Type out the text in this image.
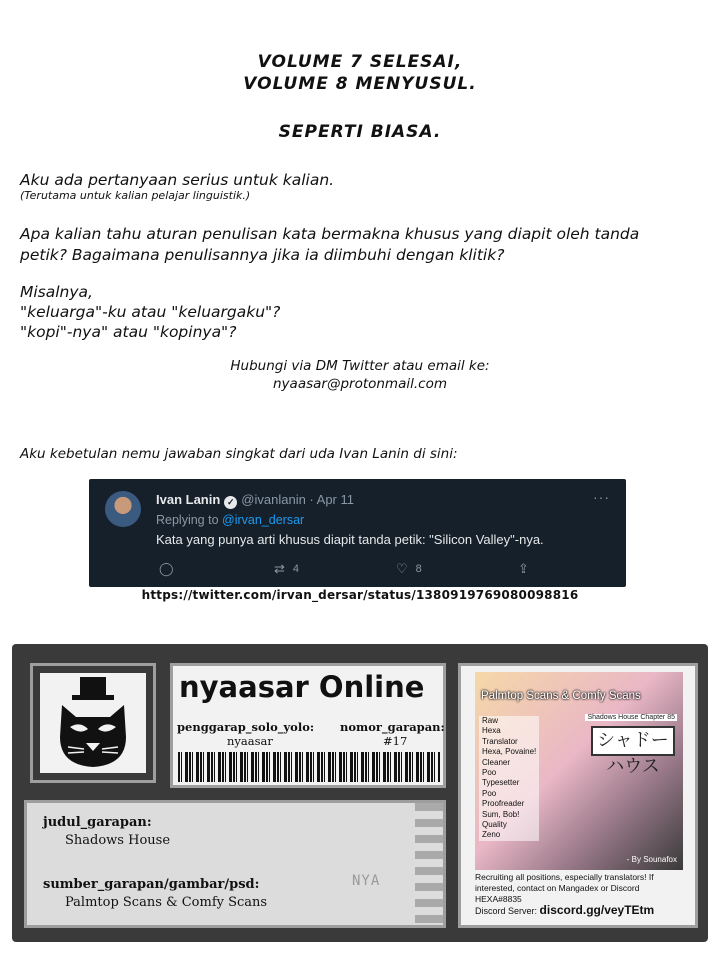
VOLUME 7 SELESAI,
VOLUME 8 MENYUSUL.
SEPERTI BIASA.
Aku ada pertanyaan serius untuk kalian.
(Terutama untuk kalian pelajar linguistik.)
Apa kalian tahu aturan penulisan kata bermakna khusus yang diapit oleh tanda
petik? Bagaimana penulisannya jika ia diimbuhi dengan klitik?
Misalnya,
"keluarga"-ku atau "keluargaku"?
"kopi"-nya" atau "kopinya"?
Hubungi via DM Twitter atau email ke:
nyaasar@protonmail.com
Aku kebetulan nemu jawaban singkat dari uda Ivan Lanin di sini:
Ivan Lanin ✓ @ivanlanin · Apr 11	···
Replying to @irvan_dersar
Kata yang punya arti khusus diapit tanda petik: "Silicon Valley"-nya.
◯	⇄ 4	♡ 8	⇪
https://twitter.com/irvan_dersar/status/1380919769080098816
nyaasar Online
penggarap_solo_yolo:
nyaasar
nomor_garapan:
#17
judul_garapan:
Shadows House
sumber_garapan/gambar/psd:
Palmtop Scans & Comfy Scans
NYA
Palmtop Scans & Comfy Scans
Shadows House Chapter 85
シャドーハウス
Raw
Hexa
Translator
Hexa, Povaine!
Cleaner
Poo
Typesetter
Poo
Proofreader
Sum, Bob!
Quality
Zeno
- By Sounafox
Recruiting all positions, especially translators! If interested, contact on Mangadex or Discord HEXA#8835
Discord Server: discord.gg/veyTEtm
